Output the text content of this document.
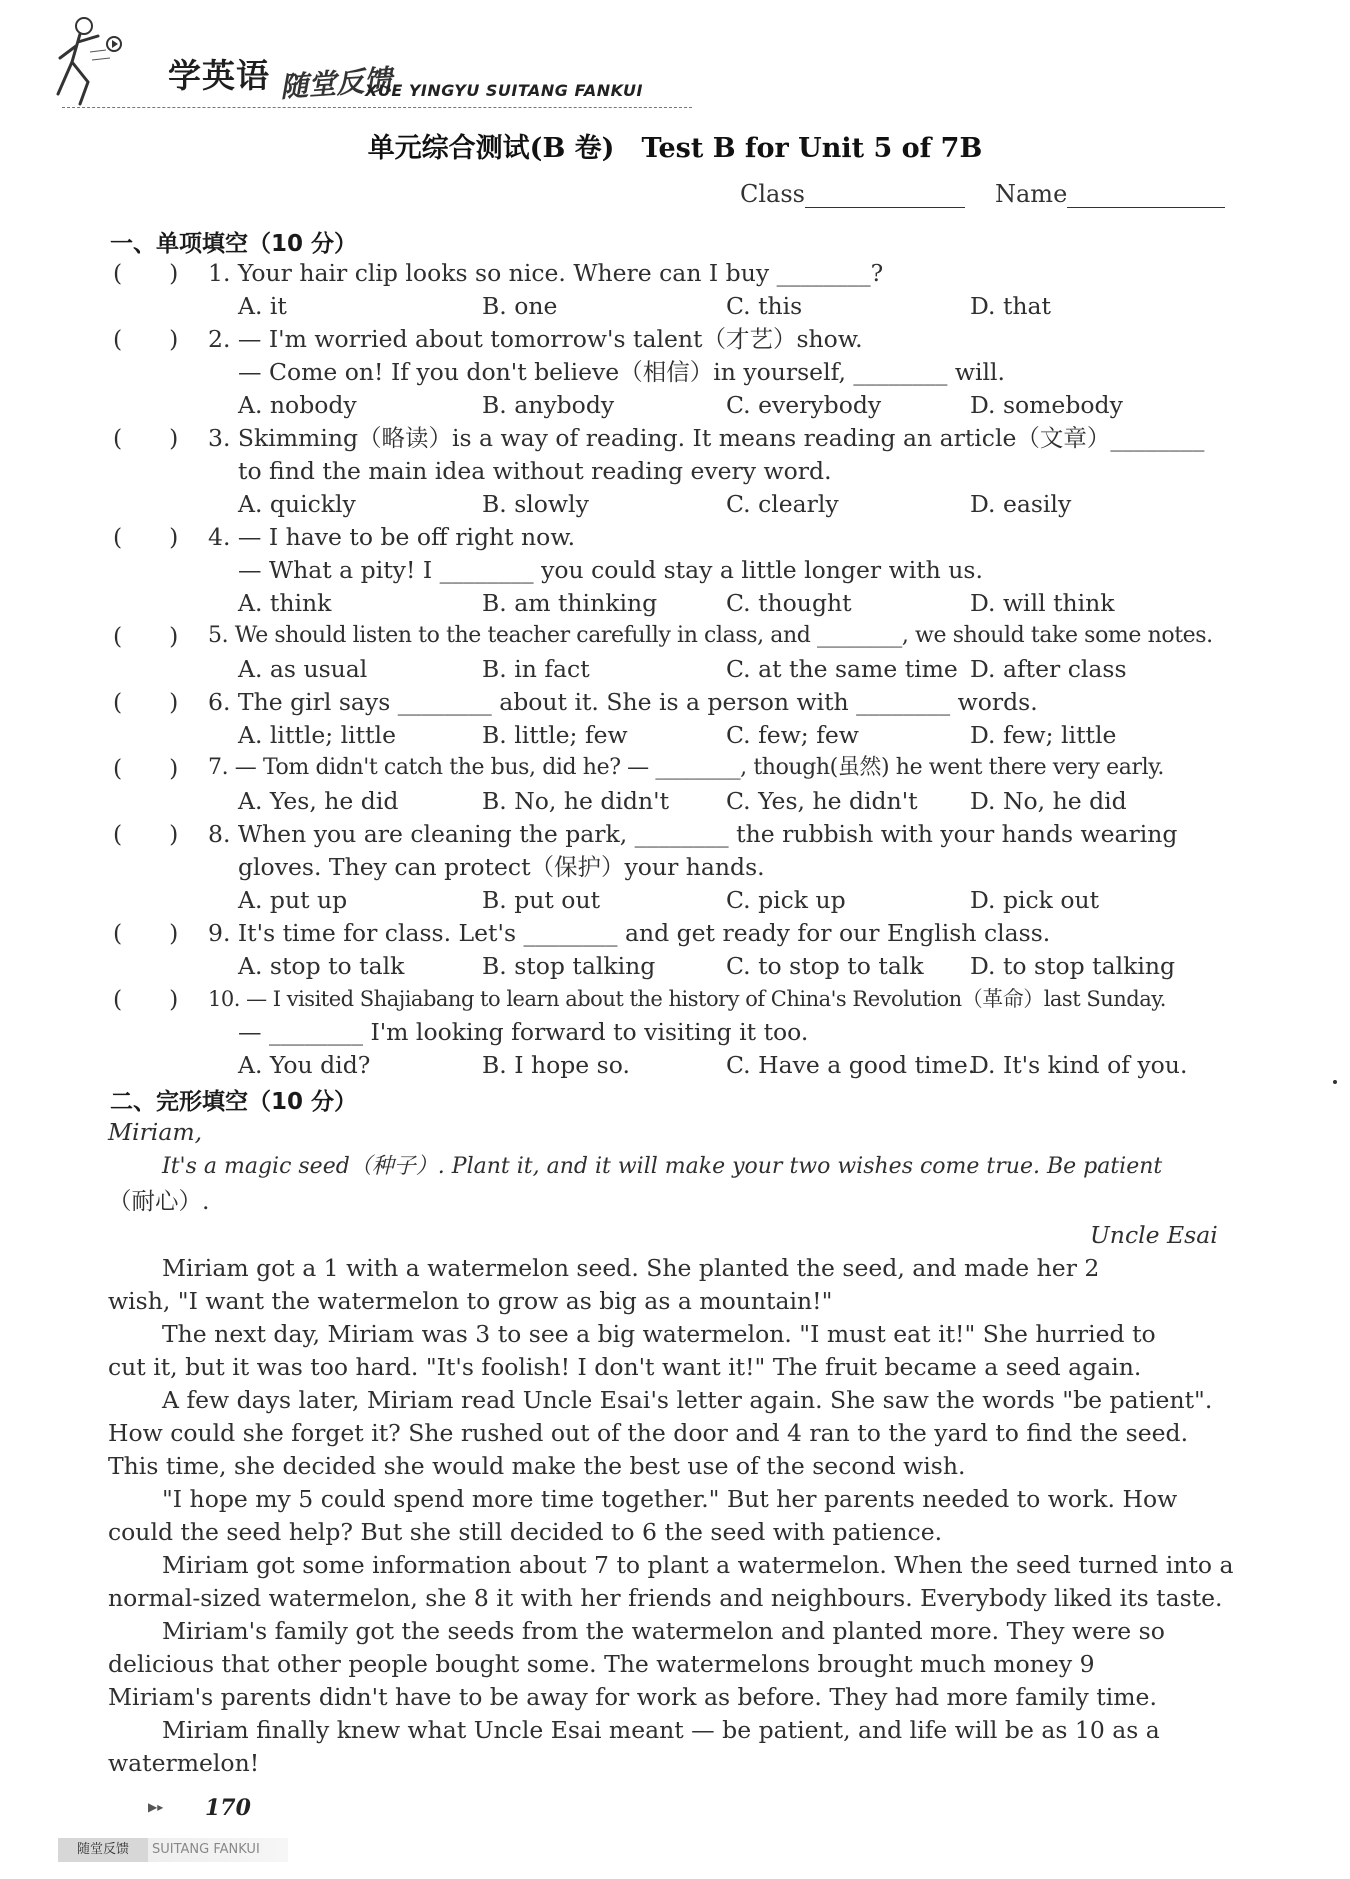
学英语 随堂反馈
XUE YINGYU SUITANG FANKUI
单元综合测试(B 卷)　Test B for Unit 5 of 7B
Class	Name
一、单项填空（10 分）
(　　) 1. Your hair clip looks so nice. Where can I buy ________?
A. it	B. one	C. this	D. that
(　　) 2. — I'm worried about tomorrow's talent（才艺）show.
— Come on! If you don't believe（相信）in yourself, ________ will.
A. nobody	B. anybody	C. everybody	D. somebody
(　　) 3. Skimming（略读）is a way of reading. It means reading an article（文章）________
to find the main idea without reading every word.
A. quickly	B. slowly	C. clearly	D. easily
(　　) 4. — I have to be off right now.
— What a pity! I ________ you could stay a little longer with us.
A. think	B. am thinking	C. thought	D. will think
(　　) 5. We should listen to the teacher carefully in class, and ________, we should take some notes.
A. as usual	B. in fact	C. at the same time D. after class
(　　) 6. The girl says ________ about it. She is a person with ________ words.
A. little; little	B. little; few	C. few; few	D. few; little
(　　) 7. — Tom didn't catch the bus, did he? — ________, though(虽然) he went there very early.
A. Yes, he did	B. No, he didn't C. Yes, he didn't D. No, he did
(　　) 8. When you are cleaning the park, ________ the rubbish with your hands wearing
gloves. They can protect（保护）your hands.
A. put up	B. put out	C. pick up	D. pick out
(　　) 9. It's time for class. Let's ________ and get ready for our English class.
A. stop to talk	B. stop talking	C. to stop to talk D. to stop talking
(　　) 10. — I visited Shajiabang to learn about the history of China's Revolution（革命）last Sunday.
— ________ I'm looking forward to visiting it too.
A. You did?	B. I hope so.	C. Have a good time.
D. It's kind of you.
二、完形填空（10 分）
Miriam,
It's a magic seed（种子）. Plant it, and it will make your two wishes come true. Be patient
（耐心）.
Uncle Esai
Miriam got a 1 with a watermelon seed. She planted the seed, and made her 2
wish, "I want the watermelon to grow as big as a mountain!"
The next day, Miriam was 3 to see a big watermelon. "I must eat it!" She hurried to
cut it, but it was too hard. "It's foolish! I don't want it!" The fruit became a seed again.
A few days later, Miriam read Uncle Esai's letter again. She saw the words "be patient".
How could she forget it? She rushed out of the door and 4 ran to the yard to find the seed.
This time, she decided she would make the best use of the second wish.
"I hope my 5 could spend more time together." But her parents needed to work. How
could the seed help? But she still decided to 6 the seed with patience.
Miriam got some information about 7 to plant a watermelon. When the seed turned into a
normal-sized watermelon, she 8 it with her friends and neighbours. Everybody liked its taste.
Miriam's family got the seeds from the watermelon and planted more. They were so
delicious that other people bought some. The watermelons brought much money 9
Miriam's parents didn't have to be away for work as before. They had more family time.
Miriam finally knew what Uncle Esai meant — be patient, and life will be as 10 as a
watermelon!
▶▸ 170
随堂反馈	SUITANG FANKUI
